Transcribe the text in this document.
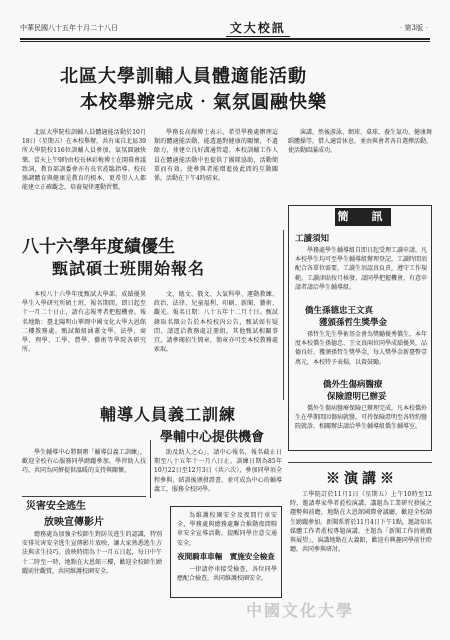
中華民國八十五年十月二十八日	文大校訊	‧第3版‧
北區大學訓輔人員體適能活動
本校舉辦完成‧氣氛圓融快樂

北區大學院校訓輔人員體適能活動於10月18日（星期五）在本校舉辦，共有東自北區39所大學院校116位訓輔人員參加，氣氛圓融快樂。當天上午9時由校長林彩梅博士在開幕會議致詞，教育部訓委會亦有長官蒞臨指導。校長強調體育與健康是教育的根本，更希望人人都能建立正確觀念，培養規律運動習慣。

學務長高輝博士表示，希望學務處辦理這類的體適能活動，能透過對健康的關懷，不遺餘力，並建立良好溝通管道。本校訓輔工作人員在體適能活動中也提供了團隊協助，活動簡單而有效，使參與者能增進彼此間的互動關係，活動在下午4時結束。

演講，然後游泳、網球、桌球、養生氣功、健康舞蹈體操等，借人適當休息，並由與會者各自選擇活動，使活動圓滿成功。

八十六學年度績優生
甄試碩士班開始報名

本校八十六學年度甄試大學部、成績優異學生入學研究所碩士班，報名期間，即日起至十一月二十日止，請有志報考者把握機會。報名地點：臺北陽明山華岡中國文化大學大恩館二樓教務處。甄試類組涵蓋文學、法學、商學、理學、工學、農學、藝術等學院各研究所。

文、德文、俄文、大氣科學、運動教練、政治、法律、兒童福利、印刷、新聞、藝術、觀光。報名日期：八十五年十二月十日。甄試錄取名額公告於本校校內公告，甄試如有疑問，請逕洽教務處註冊組。其他甄試相關事宜，請參閱招生簡章，簡章亦可至本校教務處索取。

輔導人員義工訓練
學輔中心提供機會

學生輔導中心將開辦「輔導員義工訓練」，歡迎全校有心服務同學踴躍參加，學習助人技巧，共同為同儕提供溫暖的支持與關懷。

助及助人之心」，請中心報名，報名截止日期至八十五年十一月八日止。訓練日期為85年10月22日至12月3日（共六次），參加同學須全程參與，結訓後頒發證書，並可成為中心的輔導義工，服務全校同學。

災害安全逃生
放映宣傳影片

總務處為加強全校師生對防災逃生的認識，特別安排災害安全逃生宣傳影片放映，讓大家熟悉逃生方法與求生技巧。放映時間為十一月五日起，每日中午十二時至一時，地點在大恩館三樓，歡迎全校師生踴躍前往觀賞，共同維護校園安全。

為維護校園安全及夜間行車安全，學務處與總務處聯合推動夜間騎車安全宣導活動，提醒同學注意交通安全。

夜間騎車車輛　實施安全檢查

一律請停車接受檢查，各位同學應配合檢查，共同維護校園安全。

簡　訊
工讀須知

學務處學生輔導組自即日起受理工讀申請，凡本校學生均可至學生輔導組辦理登記，工讀時間須配合各單位需要，工讀生須認真負責，遵守工作規範，工讀津貼按月核發。請同學把握機會，有意申請者請洽學生輔導組。

僑生孫德忠王文真
獲頒孫哲生獎學金

孫哲生先生學術基金會為獎勵優秀僑生，本年度本校僑生孫德忠、王文真兩位同學成績優異，品德良好，獲頒孫哲生獎學金，每人獎學金新臺幣壹萬元，本校特予表揚，以資鼓勵。

僑外生傷病醫療
保險證明已辦妥

僑外生傷病醫療保險已辦理完成，凡本校僑外生在學期間因傷病就醫，可持保險證明至各特約醫院就診，相關辦法請洽學生輔導組僑生輔導室。

※演講※

工學院訂於11月1日（星期五）上午10時至12時，邀請專家學者蒞校演講，講題為工業研究發展之趨勢與前瞻，地點在大恩館國際會議廳，歡迎全校師生踴躍參加。新聞系將於11月4日下午1點，邀請知名媒體工作者蒞校專題演講，主題為「新聞工作的挑戰與展望」，演講地點在大義館，歡迎有興趣同學前往聆聽，共同參與研討。

中國文化大學
